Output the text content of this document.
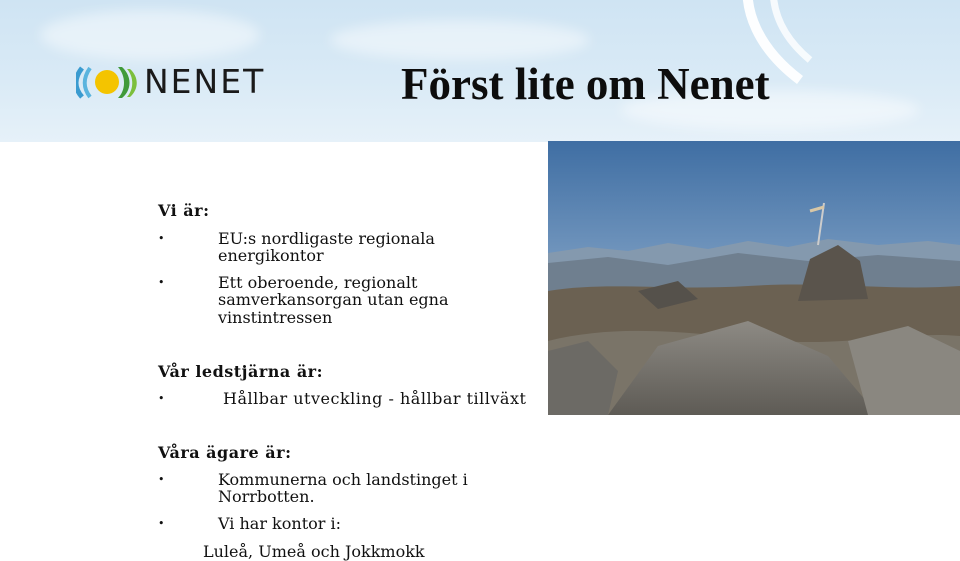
NENET	Först lite om Nenet
Vi är:
•	EU:s nordligaste regionala
energikontor
•	Ett oberoende, regionalt
samverkansorgan utan egna
vinstintressen
Vår ledstjärna är:
•	Hållbar utveckling - hållbar tillväxt
Våra ägare är:
•	Kommunerna och landstinget i
Norrbotten.
•	Vi har kontor i:
Luleå, Umeå och Jokkmokk
